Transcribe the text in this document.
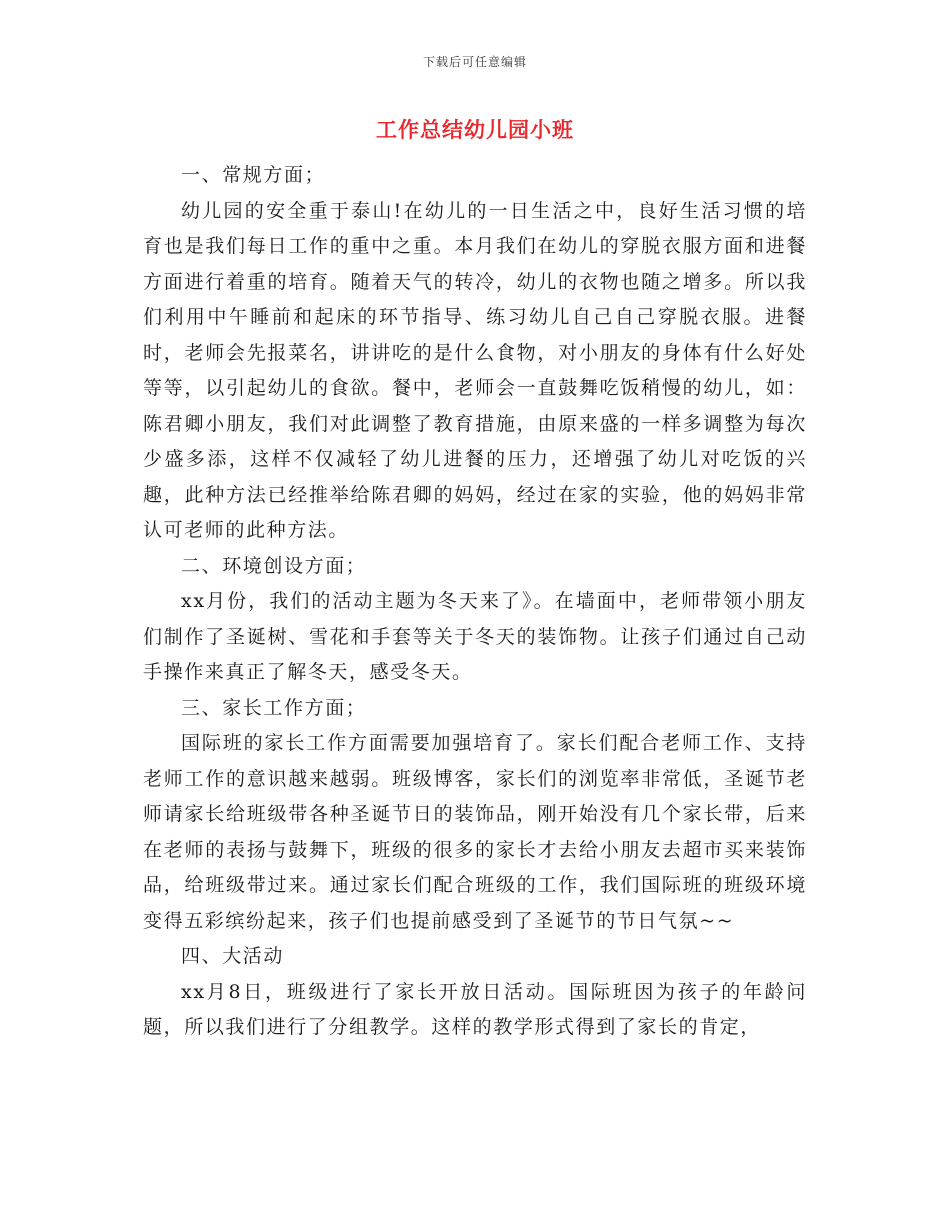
下载后可任意编辑
工作总结幼儿园小班

一、常规方面；

幼儿园的安全重于泰山!在幼儿的一日生活之中，良好生活习惯的培育也是我们每日工作的重中之重。本月我们在幼儿的穿脱衣服方面和进餐方面进行着重的培育。随着天气的转冷，幼儿的衣物也随之增多。所以我们利用中午睡前和起床的环节指导、练习幼儿自己自己穿脱衣服。进餐时，老师会先报菜名，讲讲吃的是什么食物，对小朋友的身体有什么好处等等，以引起幼儿的食欲。餐中，老师会一直鼓舞吃饭稍慢的幼儿，如：陈君卿小朋友，我们对此调整了教育措施，由原来盛的一样多调整为每次少盛多添，这样不仅减轻了幼儿进餐的压力，还增强了幼儿对吃饭的兴趣，此种方法已经推举给陈君卿的妈妈，经过在家的实验，他的妈妈非常认可老师的此种方法。

二、环境创设方面；

xx月份，我们的活动主题为冬天来了》。在墙面中，老师带领小朋友们制作了圣诞树、雪花和手套等关于冬天的装饰物。让孩子们通过自己动手操作来真正了解冬天，感受冬天。

三、家长工作方面；

国际班的家长工作方面需要加强培育了。家长们配合老师工作、支持老师工作的意识越来越弱。班级博客，家长们的浏览率非常低，圣诞节老师请家长给班级带各种圣诞节日的装饰品，刚开始没有几个家长带，后来在老师的表扬与鼓舞下，班级的很多的家长才去给小朋友去超市买来装饰品，给班级带过来。通过家长们配合班级的工作，我们国际班的班级环境变得五彩缤纷起来，孩子们也提前感受到了圣诞节的节日气氛~~

四、大活动

xx月8日，班级进行了家长开放日活动。国际班因为孩子的年龄问题，所以我们进行了分组教学。这样的教学形式得到了家长的肯定，
